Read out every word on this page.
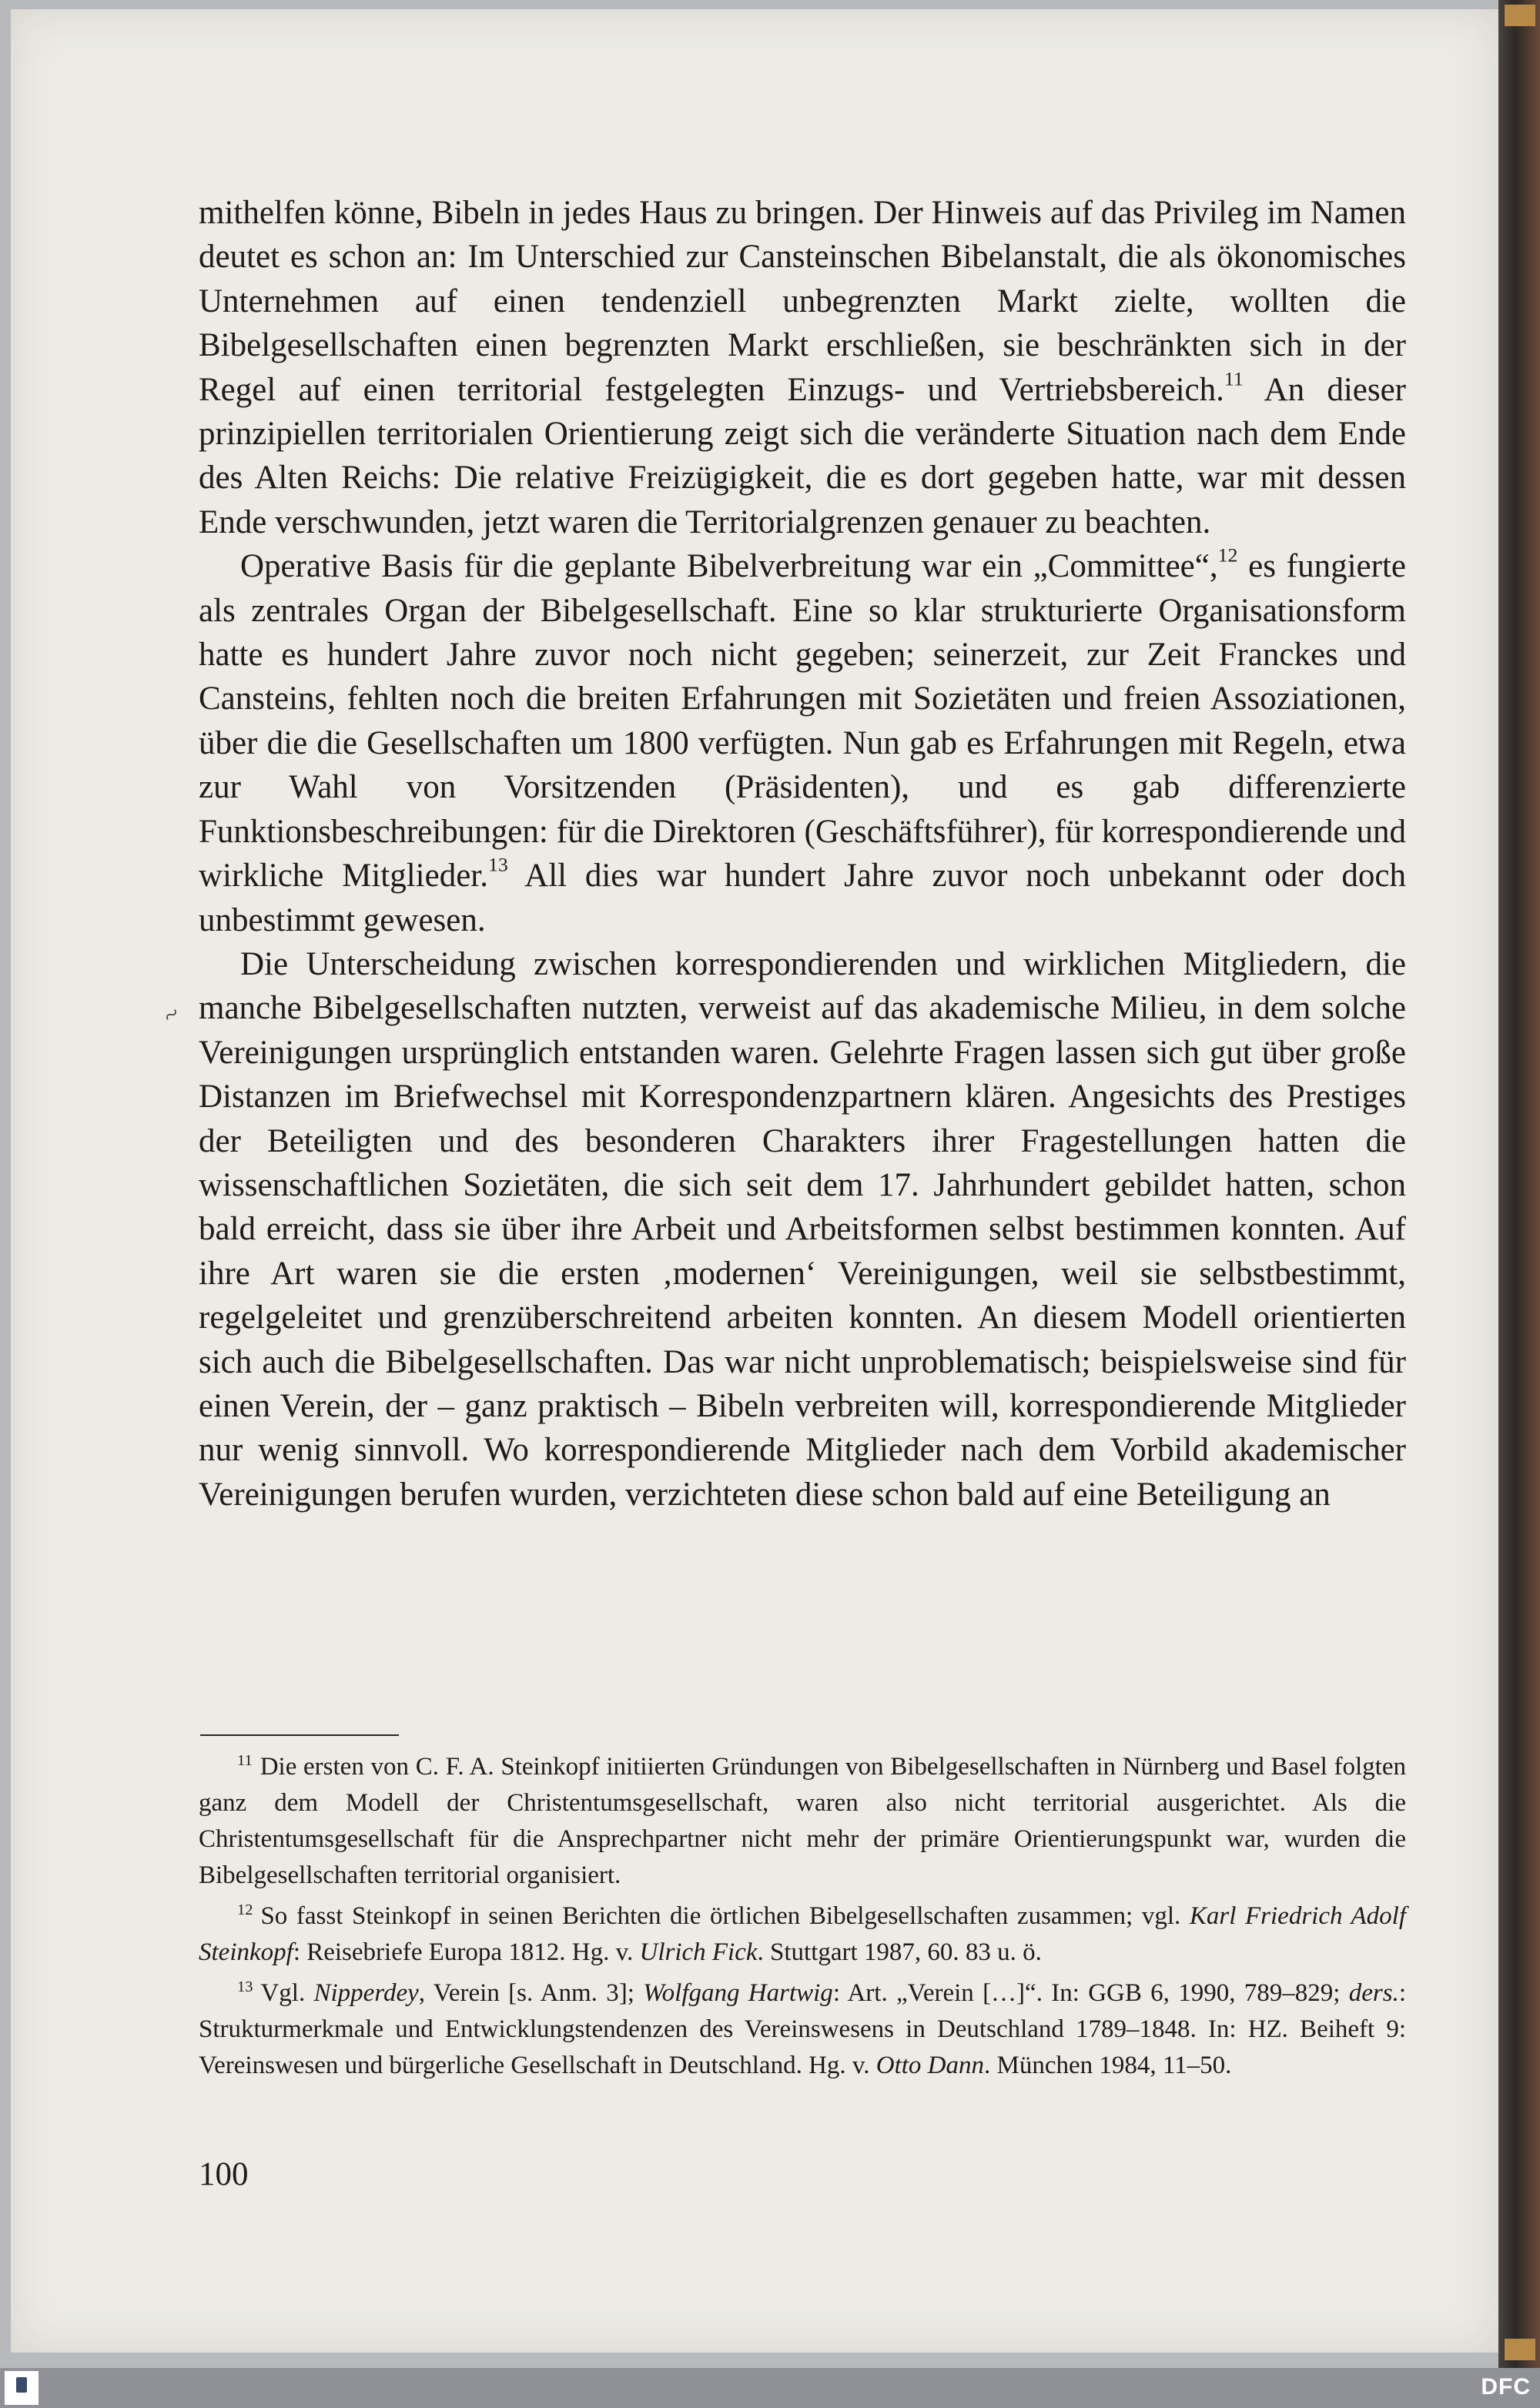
mithelfen könne, Bibeln in jedes Haus zu bringen. Der Hinweis auf das Privileg im Namen deutet es schon an: Im Unterschied zur Cansteinschen Bibelanstalt, die als ökonomisches Unternehmen auf einen tendenziell unbegrenzten Markt zielte, wollten die Bibelgesellschaften einen begrenzten Markt erschließen, sie beschränkten sich in der Regel auf einen territorial festgelegten Einzugs- und Vertriebsbereich.$^{11}$ An dieser prinzipiellen territorialen Orientierung zeigt sich die veränderte Situation nach dem Ende des Alten Reichs: Die relative Freizügigkeit, die es dort gegeben hatte, war mit dessen Ende verschwunden, jetzt waren die Territorialgrenzen genauer zu beachten.

Operative Basis für die geplante Bibelverbreitung war ein „Committee“,$^{12}$ es fungierte als zentrales Organ der Bibelgesellschaft. Eine so klar strukturierte Organisationsform hatte es hundert Jahre zuvor noch nicht gegeben; seinerzeit, zur Zeit Franckes und Cansteins, fehlten noch die breiten Erfahrungen mit Sozietäten und freien Assoziationen, über die die Gesellschaften um 1800 verfügten. Nun gab es Erfahrungen mit Regeln, etwa zur Wahl von Vorsitzenden (Präsidenten), und es gab differenzierte Funktionsbeschreibungen: für die Direktoren (Geschäftsführer), für korrespondierende und wirkliche Mitglieder.$^{13}$ All dies war hundert Jahre zuvor noch unbekannt oder doch unbestimmt gewesen.

Die Unterscheidung zwischen korrespondierenden und wirklichen Mitgliedern, die manche Bibelgesellschaften nutzten, verweist auf das akademische Milieu, in dem solche Vereinigungen ursprünglich entstanden waren. Gelehrte Fragen lassen sich gut über große Distanzen im Briefwechsel mit Korrespondenzpartnern klären. Angesichts des Prestiges der Beteiligten und des besonderen Charakters ihrer Fragestellungen hatten die wissenschaftlichen Sozietäten, die sich seit dem 17. Jahrhundert gebildet hatten, schon bald erreicht, dass sie über ihre Arbeit und Arbeitsformen selbst bestimmen konnten. Auf ihre Art waren sie die ersten ‚modernen‘ Vereinigungen, weil sie selbstbestimmt, regelgeleitet und grenzüberschreitend arbeiten konnten. An diesem Modell orientierten sich auch die Bibelgesellschaften. Das war nicht unproblematisch; beispielsweise sind für einen Verein, der – ganz praktisch – Bibeln verbreiten will, korrespondierende Mitglieder nur wenig sinnvoll. Wo korrespondierende Mitglieder nach dem Vorbild akademischer Vereinigungen berufen wurden, verzichteten diese schon bald auf eine Beteiligung an

$^{11}$ Die ersten von C. F. A. Steinkopf initiierten Gründungen von Bibelgesellschaften in Nürnberg und Basel folgten ganz dem Modell der Christentumsgesellschaft, waren also nicht territorial ausgerichtet. Als die Christentumsgesellschaft für die Ansprechpartner nicht mehr der primäre Orientierungspunkt war, wurden die Bibelgesellschaften territorial organisiert.

$^{12}$ So fasst Steinkopf in seinen Berichten die örtlichen Bibelgesellschaften zusammen; vgl. Karl Friedrich Adolf Steinkopf: Reisebriefe Europa 1812. Hg. v. Ulrich Fick. Stuttgart 1987, 60. 83 u. ö.

$^{13}$ Vgl. Nipperdey, Verein [s. Anm. 3]; Wolfgang Hartwig: Art. „Verein […]“. In: GGB 6, 1990, 789–829; ders.: Strukturmerkmale und Entwicklungstendenzen des Vereinswesens in Deutschland 1789–1848. In: HZ. Beiheft 9: Vereinswesen und bürgerliche Gesellschaft in Deutschland. Hg. v. Otto Dann. München 1984, 11–50.

100
~
DFC
